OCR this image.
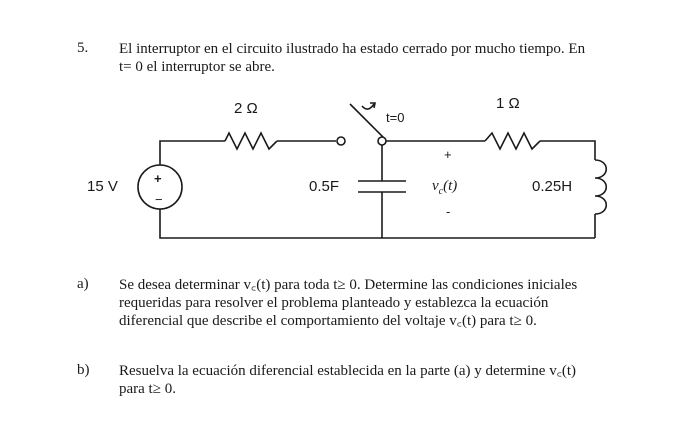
5. El interruptor en el circuito ilustrado ha estado cerrado por mucho tiempo. En
t= 0 el interruptor se abre.
2 Ω	1 Ω
t=0
15 V	+
−
0.5F
+
$v_c(t)$
-
0.25H
a) Se desea determinar v꜀(t) para toda t≥ 0. Determine las condiciones iniciales
requeridas para resolver el problema planteado y establezca la ecuación
diferencial que describe el comportamiento del voltaje v꜀(t) para t≥ 0.
b) Resuelva la ecuación diferencial establecida en la parte (a) y determine v꜀(t)
para t≥ 0.
